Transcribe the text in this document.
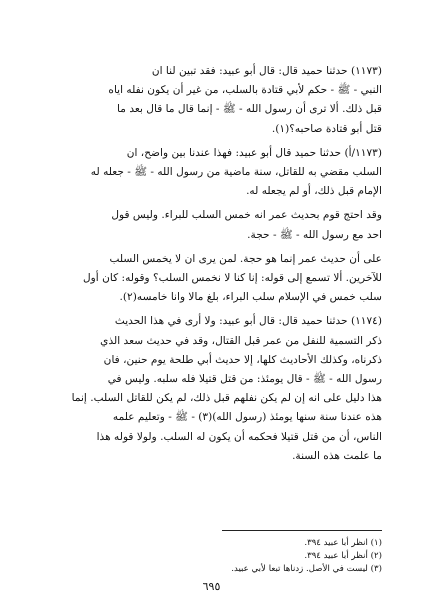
(١١٧٣) حدثنا حميد قال: قال أبو عبيد: فقد تبين لنا ان
النبي - ﷺ - حكم لأبي قتادة بالسلب، من غير أن يكون نفله اياه
قبل ذلك. ألا ترى أن رسول الله - ﷺ - إنما قال ما قال بعد ما
قتل أبو قتادة صاحبه؟(١).
(١١٧٣/أ) حدثنا حميد قال أبو عبيد: فهذا عندنا بين واضح، ان
السلب مقضي به للقاتل، سنة ماضية من رسول الله - ﷺ - جعله له
الإمام قبل ذلك، أو لم يجعله له.
وقد احتج قوم بحديث عمر انه خمس السلب للبراء. وليس قول
احد مع رسول الله - ﷺ - حجة.
على أن حديث عمر إنما هو حجة. لمن يرى ان لا يخمس السلب
للآخرين. ألا تسمع إلى قوله: إنا كنا لا نخمس السلب؟ وقوله: كان أول
سلب خمس في الإسلام سلب البراء، بلغ مالا وانا خامسه(٢).
(١١٧٤) حدثنا حميد قال: قال أبو عبيد: ولا أرى في هذا الحديث
ذكر التسمية للنفل من عمر قبل القتال، وقد في حديث سعد الذي
ذكرناه، وكذلك الأحاديث كلها، إلا حديث أبي طلحة يوم حنين، فان
رسول الله - ﷺ - قال يومئذ: من قتل قتيلا فله سلبه. وليس في
هذا دليل على انه إن لم يكن نفلهم قبل ذلك، لم يكن للقاتل السلب. إنما
هذه عندنا سنة سنها يومئذ (رسول الله)(٣) - ﷺ - وتعليم علمه
الناس، أن من قتل قتيلا فحكمه أن يكون له السلب. ولولا قوله هذا
ما علمت هذه السنة.
(١) انظر أبا عبيد ٣٩٤.
(٢) أنظر أبا عبيد ٣٩٤.
(٣) ليست في الأصل. زدناها تبعا لأبي عبيد.
٦٩٥
